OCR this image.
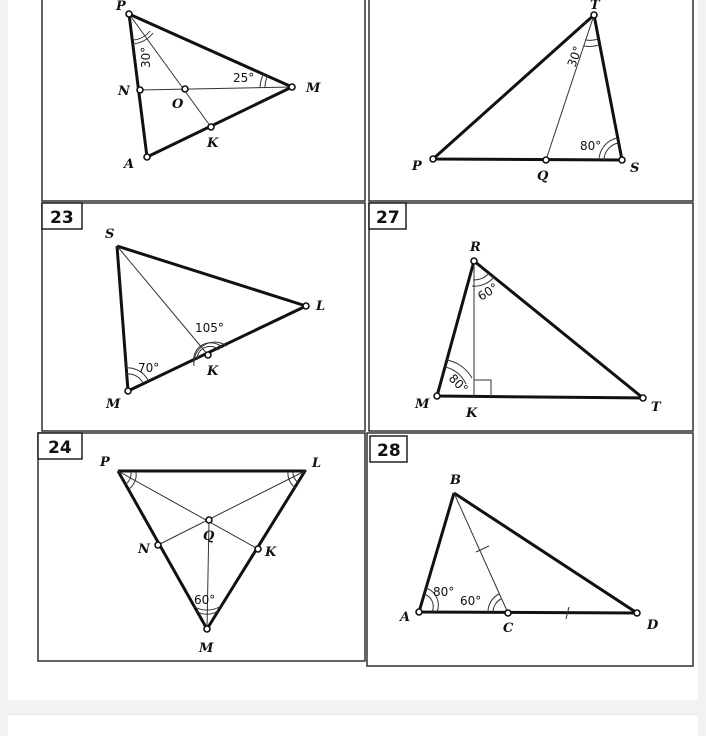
P
N
O
M
K
A
30°
25°
T
P
Q
S
30°
80°
23
S
L
K
M
105°
70°
27
R
M
K	T
60°
80°
24
P	L
N
Q
K
M
60°
28
B
A
C	D
80°
60°
